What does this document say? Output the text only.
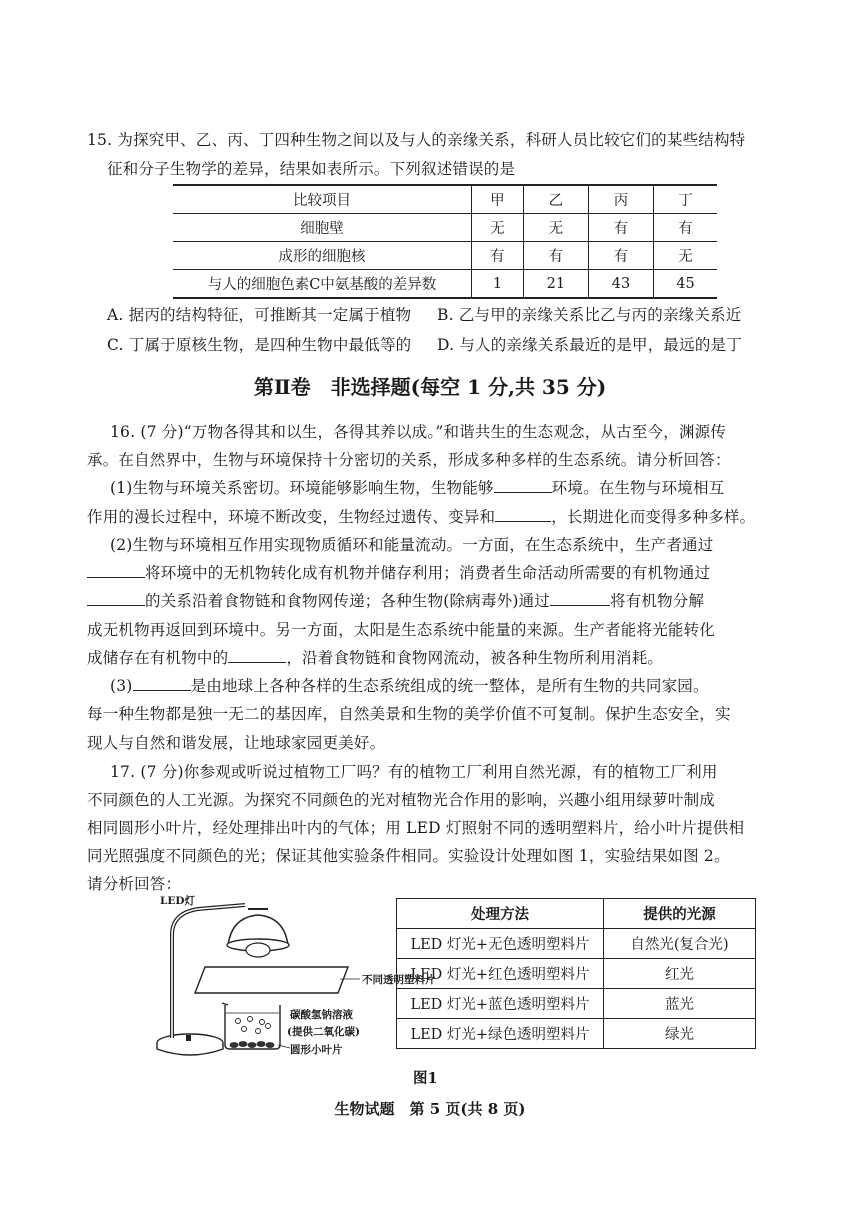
15. 为探究甲、乙、丙、丁四种生物之间以及与人的亲缘关系，科研人员比较它们的某些结构特
征和分子生物学的差异，结果如表所示。下列叙述错误的是
比较项目	甲	乙	丙	丁
细胞壁	无	无	有	有
成形的细胞核	有	有	有	无
与人的细胞色素C中氨基酸的差异数	1	21	43	45
A. 据丙的结构特征，可推断其一定属于植物 B. 乙与甲的亲缘关系比乙与丙的亲缘关系近
C. 丁属于原核生物，是四种生物中最低等的 D. 与人的亲缘关系最近的是甲，最远的是丁
第Ⅱ卷　非选择题(每空 1 分,共 35 分)
16. (7 分)“万物各得其和以生，各得其养以成。”和谐共生的生态观念，从古至今，渊源传
承。在自然界中，生物与环境保持十分密切的关系，形成多种多样的生态系统。请分析回答：
(1)生物与环境关系密切。环境能够影响生物，生物能够	环境。在生物与环境相互
作用的漫长过程中，环境不断改变，生物经过遗传、变异和	，长期进化而变得多种多样。
(2)生物与环境相互作用实现物质循环和能量流动。一方面，在生态系统中，生产者通过
将环境中的无机物转化成有机物并储存利用；消费者生命活动所需要的有机物通过
的关系沿着食物链和食物网传递；各种生物(除病毒外)通过	将有机物分解
成无机物再返回到环境中。另一方面，太阳是生态系统中能量的来源。生产者能将光能转化
成储存在有机物中的	，沿着食物链和食物网流动，被各种生物所利用消耗。
(3)	是由地球上各种各样的生态系统组成的统一整体，是所有生物的共同家园。
每一种生物都是独一无二的基因库，自然美景和生物的美学价值不可复制。保护生态安全，实
现人与自然和谐发展，让地球家园更美好。
17. (7 分)你参观或听说过植物工厂吗？有的植物工厂利用自然光源，有的植物工厂利用
不同颜色的人工光源。为探究不同颜色的光对植物光合作用的影响，兴趣小组用绿萝叶制成
相同圆形小叶片，经处理排出叶内的气体；用 LED 灯照射不同的透明塑料片，给小叶片提供相
同光照强度不同颜色的光；保证其他实验条件相同。实验设计处理如图 1，实验结果如图 2。
请分析回答：
LED灯
不同透明塑料片
碳酸氢钠溶液
(提供二氧化碳)
圆形小叶片
处理方法	提供的光源
LED 灯光+无色透明塑料片	自然光(复合光)
LED 灯光+红色透明塑料片	红光
LED 灯光+蓝色透明塑料片	蓝光
LED 灯光+绿色透明塑料片	绿光
图1
生物试题　第 5 页(共 8 页)
